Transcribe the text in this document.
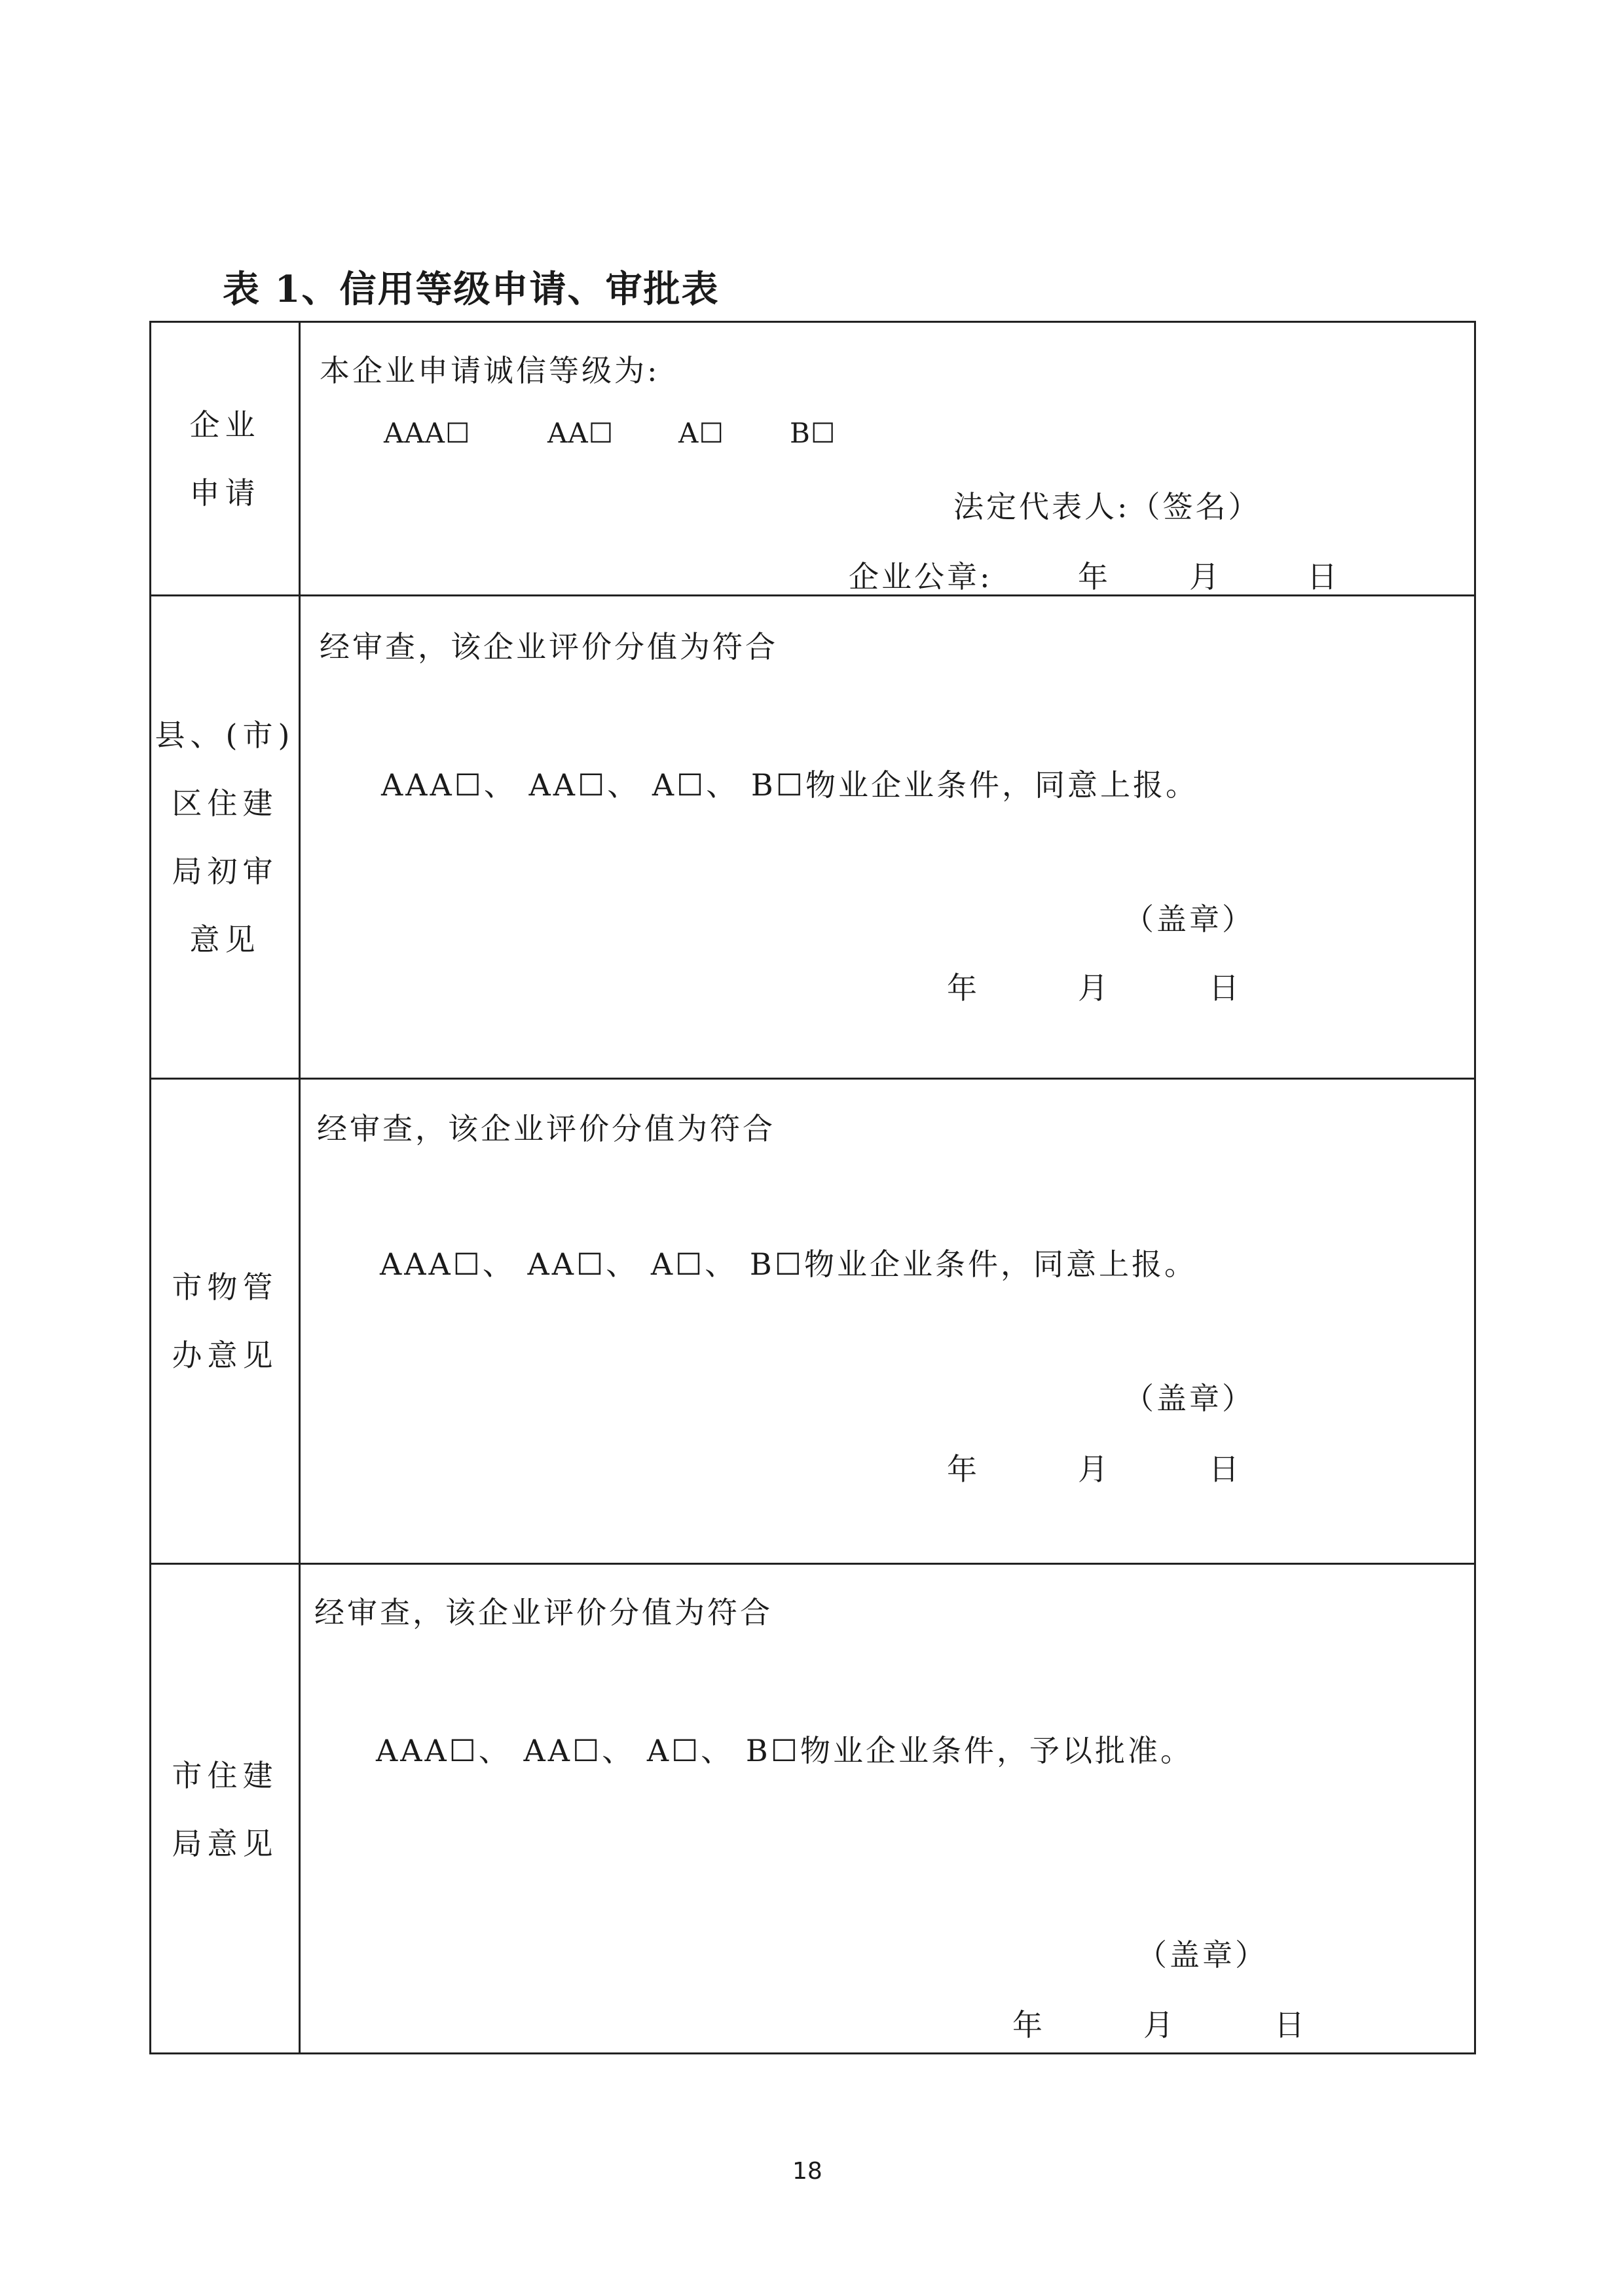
表 1、信用等级申请、审批表
企业
申请
本企业申请诚信等级为:
AAA☐	AA☐ A☐ B☐
法定代表人:（签名）
企业公章:	年	月	日
县、(市)
区住建
局初审
意见
经审查，该企业评价分值为符合
AAA☐、 AA☐、 A☐、 B☐物业企业条件，同意上报。
（盖章）
年	月	日
市物管
办意见
经审查，该企业评价分值为符合
AAA☐、 AA☐、 A☐、 B☐物业企业条件，同意上报。
（盖章）
年	月	日
市住建
局意见
经审查，该企业评价分值为符合
AAA☐、 AA☐、 A☐、 B☐物业企业条件，予以批准。
（盖章）
年	月	日
18
